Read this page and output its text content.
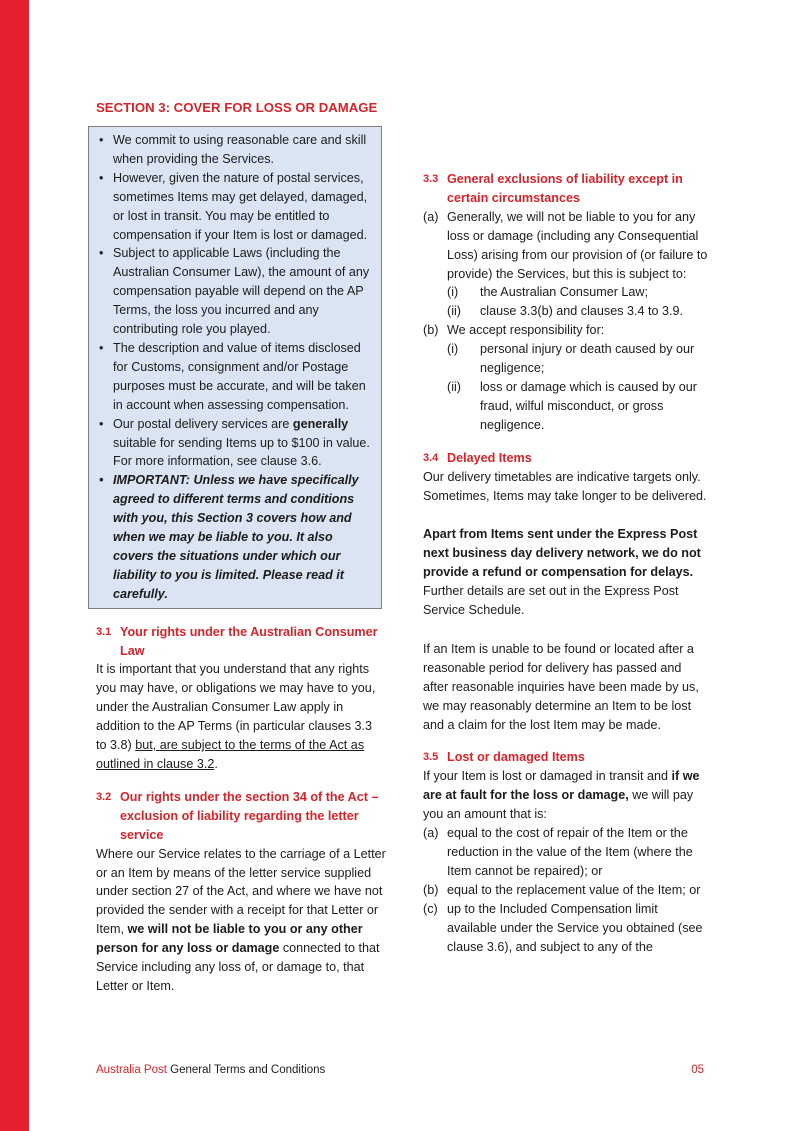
SECTION 3: COVER FOR LOSS OR DAMAGE
• We commit to using reasonable care and skill when providing the Services.
• However, given the nature of postal services, sometimes Items may get delayed, damaged, or lost in transit. You may be entitled to compensation if your Item is lost or damaged.
• Subject to applicable Laws (including the Australian Consumer Law), the amount of any compensation payable will depend on the AP Terms, the loss you incurred and any contributing role you played.
• The description and value of items disclosed for Customs, consignment and/or Postage purposes must be accurate, and will be taken in account when assessing compensation.
• Our postal delivery services are generally suitable for sending Items up to $100 in value. For more information, see clause 3.6.
• IMPORTANT: Unless we have specifically agreed to different terms and conditions with you, this Section 3 covers how and when we may be liable to you. It also covers the situations under which our liability to you is limited. Please read it carefully.
3.1 Your rights under the Australian Consumer Law

It is important that you understand that any rights you may have, or obligations we may have to you, under the Australian Consumer Law apply in addition to the AP Terms (in particular clauses 3.3 to 3.8) but, are subject to the terms of the Act as outlined in clause 3.2.

3.2 Our rights under the section 34 of the Act – exclusion of liability regarding the letter service

Where our Service relates to the carriage of a Letter or an Item by means of the letter service supplied under section 27 of the Act, and where we have not provided the sender with a receipt for that Letter or Item, we will not be liable to you or any other person for any loss or damage connected to that Service including any loss of, or damage to, that Letter or Item.

3.3 General exclusions of liability except in certain circumstances
(a) Generally, we will not be liable to you for any loss or damage (including any Consequential Loss) arising from our provision of (or failure to provide) the Services, but this is subject to:
(i)	the Australian Consumer Law;
(ii)	clause 3.3(b) and clauses 3.4 to 3.9.
(b) We accept responsibility for:
(i)	personal injury or death caused by our negligence;
(ii)	loss or damage which is caused by our fraud, wilful misconduct, or gross negligence.
3.4 Delayed Items

Our delivery timetables are indicative targets only. Sometimes, Items may take longer to be delivered.

Apart from Items sent under the Express Post next business day delivery network, we do not provide a refund or compensation for delays. Further details are set out in the Express Post Service Schedule.

If an Item is unable to be found or located after a reasonable period for delivery has passed and after reasonable inquiries have been made by us, we may reasonably determine an Item to be lost and a claim for the lost Item may be made.

3.5 Lost or damaged Items

If your Item is lost or damaged in transit and if we are at fault for the loss or damage, we will pay you an amount that is:

(a) equal to the cost of repair of the Item or the reduction in the value of the Item (where the Item cannot be repaired); or
(b) equal to the replacement value of the Item; or
(c) up to the Included Compensation limit available under the Service you obtained (see clause 3.6), and subject to any of the
Australia Post General Terms and Conditions	05
